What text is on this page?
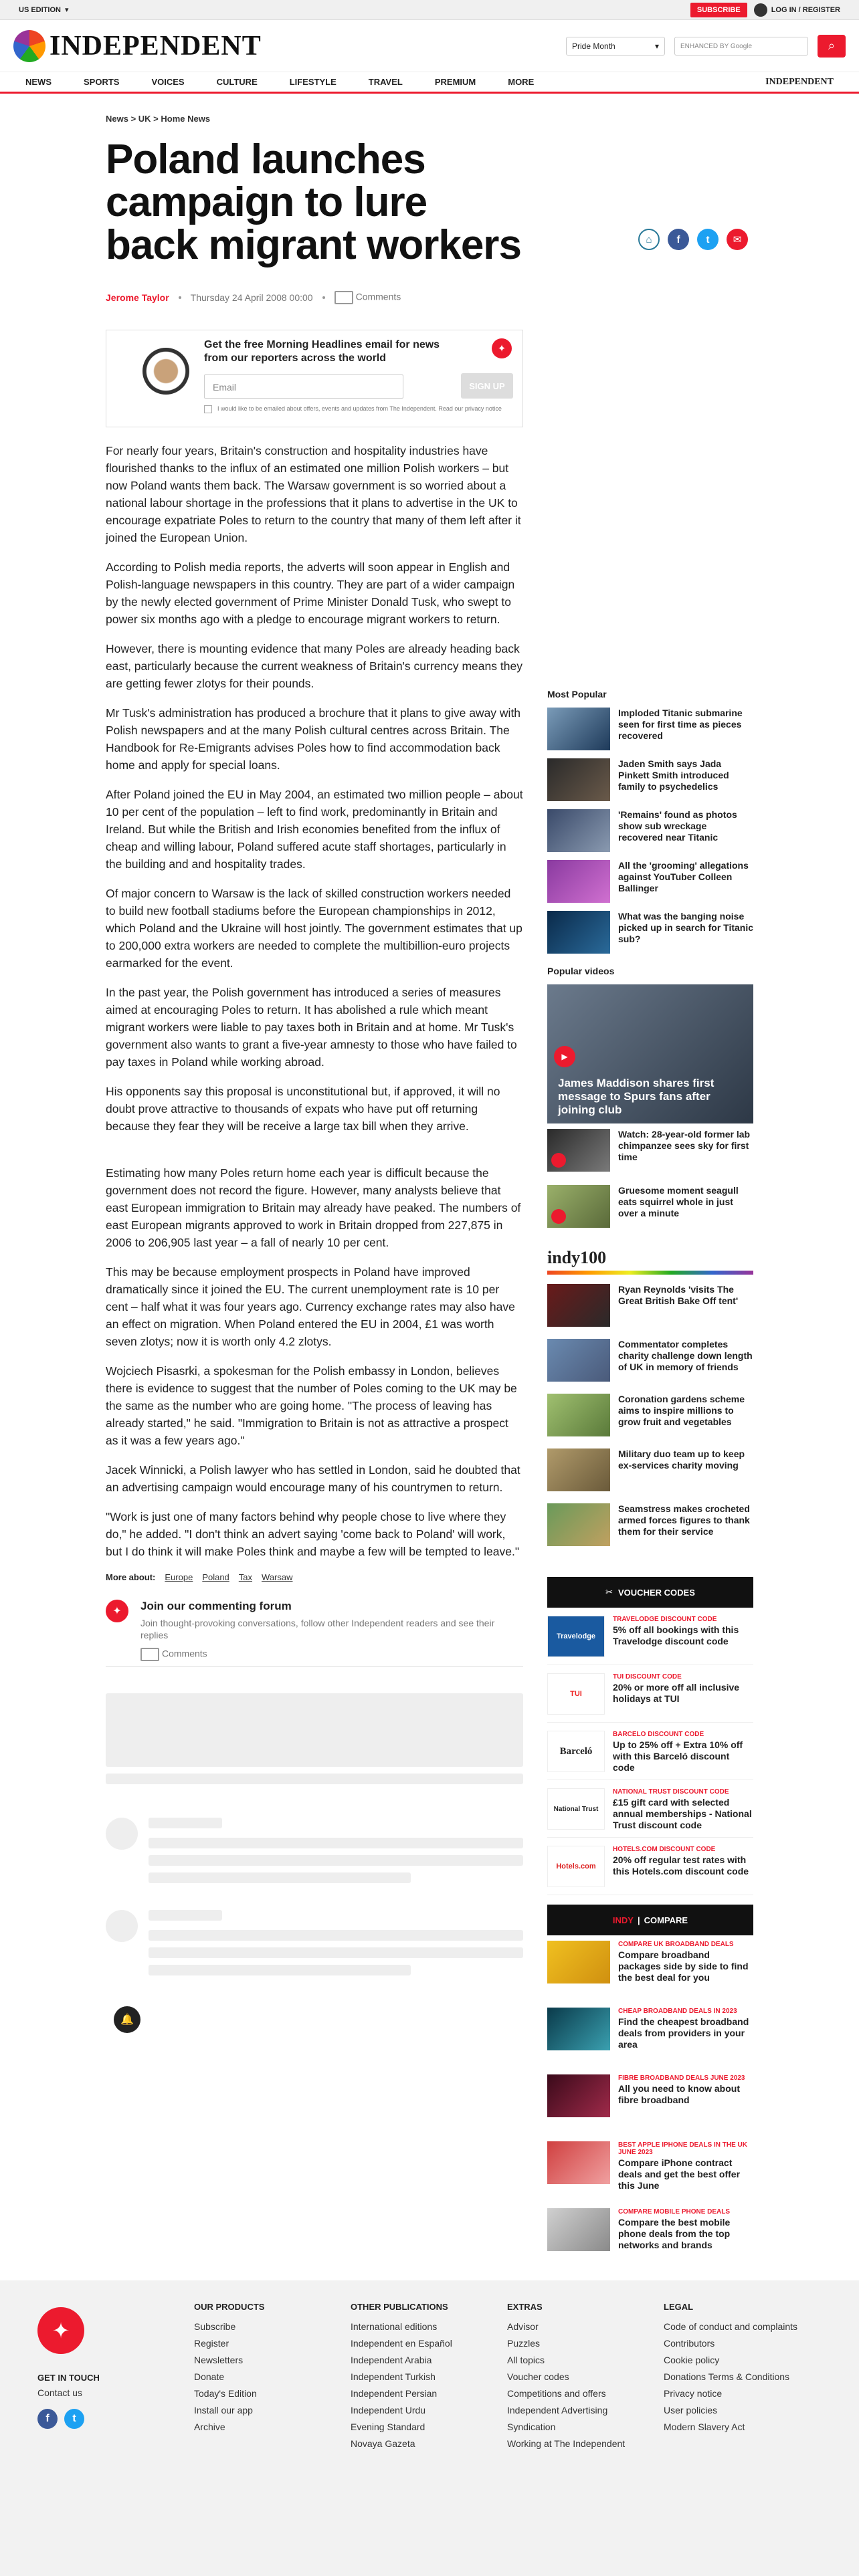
US EDITION ▾	SUBSCRIBE	LOG IN / REGISTER
INDEPENDENT	Pride Month	▾	ENHANCED BY Google	⌕
NEWS	SPORTS	VOICES	CULTURE	LIFESTYLE	TRAVEL	PREMIUM	MORE	INDEPENDENT
⌂	f	t	✉
News > UK > Home News
Poland launches campaign to lure back migrant workers
Jerome Taylor Thursday 24 April 2008 00:00	Comments
Get the free Morning Headlines email for news from our reporters across the world
Email	SIGN UP
I would like to be emailed about offers, events and updates from The Independent. Read our privacy notice
✦

For nearly four years, Britain's construction and hospitality industries have flourished thanks to the influx of an estimated one million Polish workers – but now Poland wants them back. The Warsaw government is so worried about a national labour shortage in the professions that it plans to advertise in the UK to encourage expatriate Poles to return to the country that many of them left after it joined the European Union.

According to Polish media reports, the adverts will soon appear in English and Polish-language newspapers in this country. They are part of a wider campaign by the newly elected government of Prime Minister Donald Tusk, who swept to power six months ago with a pledge to encourage migrant workers to return.

However, there is mounting evidence that many Poles are already heading back east, particularly because the current weakness of Britain's currency means they are getting fewer zlotys for their pounds.

Mr Tusk's administration has produced a brochure that it plans to give away with Polish newspapers and at the many Polish cultural centres across Britain. The Handbook for Re-Emigrants advises Poles how to find accommodation back home and apply for special loans.

After Poland joined the EU in May 2004, an estimated two million people – about 10 per cent of the population – left to find work, predominantly in Britain and Ireland. But while the British and Irish economies benefited from the influx of cheap and willing labour, Poland suffered acute staff shortages, particularly in the building and and hospitality trades.

Of major concern to Warsaw is the lack of skilled construction workers needed to build new football stadiums before the European championships in 2012, which Poland and the Ukraine will host jointly. The government estimates that up to 200,000 extra workers are needed to complete the multibillion-euro projects earmarked for the event.

In the past year, the Polish government has introduced a series of measures aimed at encouraging Poles to return. It has abolished a rule which meant migrant workers were liable to pay taxes both in Britain and at home. Mr Tusk's government also wants to grant a five-year amnesty to those who have failed to pay taxes in Poland while working abroad.

His opponents say this proposal is unconstitutional but, if approved, it will no doubt prove attractive to thousands of expats who have put off returning because they fear they will be receive a large tax bill when they arrive.

Estimating how many Poles return home each year is difficult because the government does not record the figure. However, many analysts believe that east European immigration to Britain may already have peaked. The numbers of east European migrants approved to work in Britain dropped from 227,875 in 2006 to 206,905 last year – a fall of nearly 10 per cent.

This may be because employment prospects in Poland have improved dramatically since it joined the EU. The current unemployment rate is 10 per cent – half what it was four years ago. Currency exchange rates may also have an effect on migration. When Poland entered the EU in 2004, £1 was worth seven zlotys; now it is worth only 4.2 zlotys.

Wojciech Pisasrki, a spokesman for the Polish embassy in London, believes there is evidence to suggest that the number of Poles coming to the UK may be the same as the number who are going home. "The process of leaving has already started," he said. "Immigration to Britain is not as attractive a prospect as it was a few years ago."

Jacek Winnicki, a Polish lawyer who has settled in London, said he doubted that an advertising campaign would encourage many of his countrymen to return.

"Work is just one of many factors behind why people chose to live where they do," he added. "I don't think an advert saying 'come back to Poland' will work, but I do think it will make Poles think and maybe a few will be tempted to leave."

More about: Europe Poland Tax Warsaw
✦	Join our commenting forum
Join thought-provoking conversations, follow other Independent readers and see their replies
Comments
🔔
Most Popular
Imploded Titanic submarine seen for first time as pieces recovered
Jaden Smith says Jada Pinkett Smith introduced family to psychedelics
'Remains' found as photos show sub wreckage recovered near Titanic
All the 'grooming' allegations against YouTuber Colleen Ballinger
What was the banging noise picked up in search for Titanic sub?
Popular videos
▶
James Maddison shares first message to Spurs fans after joining club
Watch: 28-year-old former lab chimpanzee sees sky for first time
Gruesome moment seagull eats squirrel whole in just over a minute
indy100
Ryan Reynolds 'visits The Great British Bake Off tent'
Commentator completes charity challenge down length of UK in memory of friends
Coronation gardens scheme aims to inspire millions to grow fruit and vegetables
Military duo team up to keep ex-services charity moving
Seamstress makes crocheted armed forces figures to thank them for their service
✂ VOUCHER CODES
Travelodge
TRAVELODGE DISCOUNT CODE
5% off all bookings with this Travelodge discount code
TUI
TUI DISCOUNT CODE
20% or more off all inclusive holidays at TUI
Barceló
BARCELO DISCOUNT CODE
Up to 25% off + Extra 10% off with this Barceló discount code
National Trust
NATIONAL TRUST DISCOUNT CODE
£15 gift card with selected annual memberships - National Trust discount code
Hotels.com
HOTELS.COM DISCOUNT CODE
20% off regular test rates with this Hotels.com discount code
INDY | COMPARE
COMPARE UK BROADBAND DEALS
Compare broadband packages side by side to find the best deal for you
CHEAP BROADBAND DEALS IN 2023
Find the cheapest broadband deals from providers in your area
FIBRE BROADBAND DEALS JUNE 2023
All you need to know about fibre broadband
BEST APPLE IPHONE DEALS IN THE UK JUNE 2023
Compare iPhone contract deals and get the best offer this June
COMPARE MOBILE PHONE DEALS
Compare the best mobile phone deals from the top networks and brands
✦
GET IN TOUCH
Contact us
f	t
OUR PRODUCTS
Subscribe
Register
Newsletters
Donate
Today's Edition
Install our app
Archive
OTHER PUBLICATIONS
International editions
Independent en Español
Independent Arabia
Independent Turkish
Independent Persian
Independent Urdu
Evening Standard
Novaya Gazeta
EXTRAS
Advisor
Puzzles
All topics
Voucher codes
Competitions and offers
Independent Advertising
Syndication
Working at The Independent
LEGAL
Code of conduct and complaints
Contributors
Cookie policy
Donations Terms & Conditions
Privacy notice
User policies
Modern Slavery Act
